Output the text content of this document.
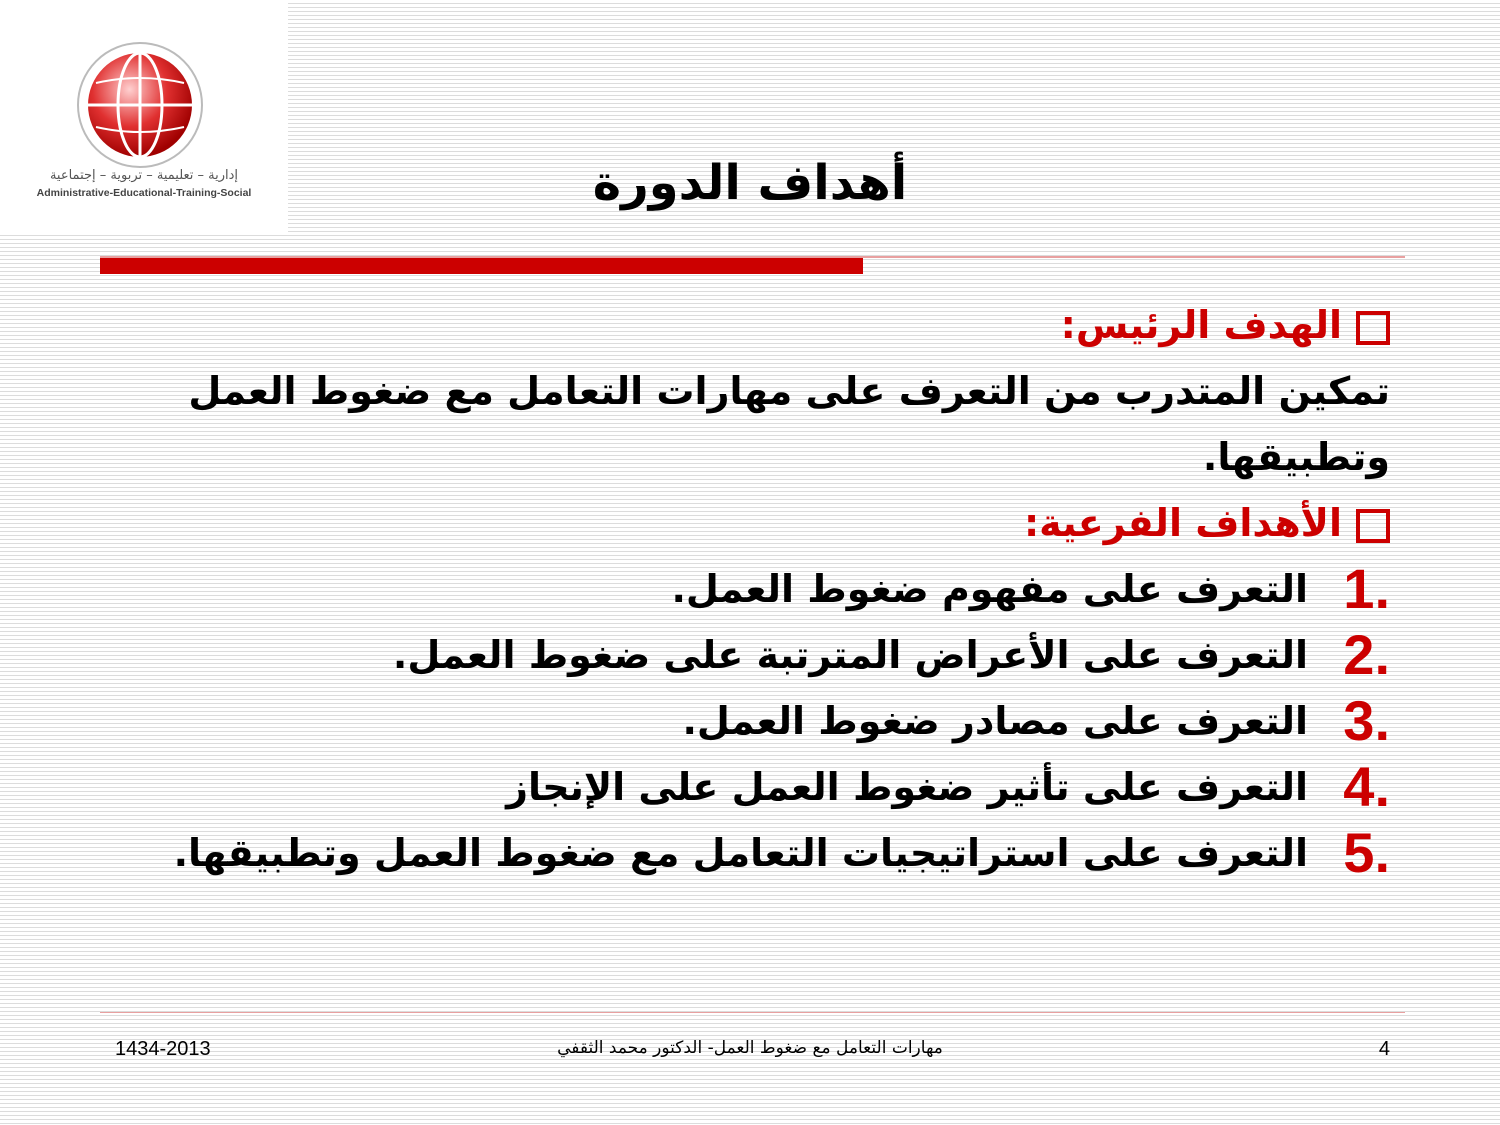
إدارية – تعليمية – تربوية – إجتماعية
Administrative-Educational-Training-Social	أهداف الدورة
الهدف الرئيس:
تمكين المتدرب من التعرف على مهارات التعامل مع ضغوط العمل وتطبيقها.
الأهداف الفرعية:
1.
التعرف على مفهوم ضغوط العمل.
2.
التعرف على الأعراض المترتبة على ضغوط العمل.
3.
التعرف على مصادر ضغوط العمل.
4.
التعرف على تأثير ضغوط العمل على الإنجاز
5.
التعرف على استراتيجيات التعامل مع ضغوط العمل وتطبيقها.
1434-2013	مهارات التعامل مع ضغوط العمل- الدكتور محمد الثقفي	4
